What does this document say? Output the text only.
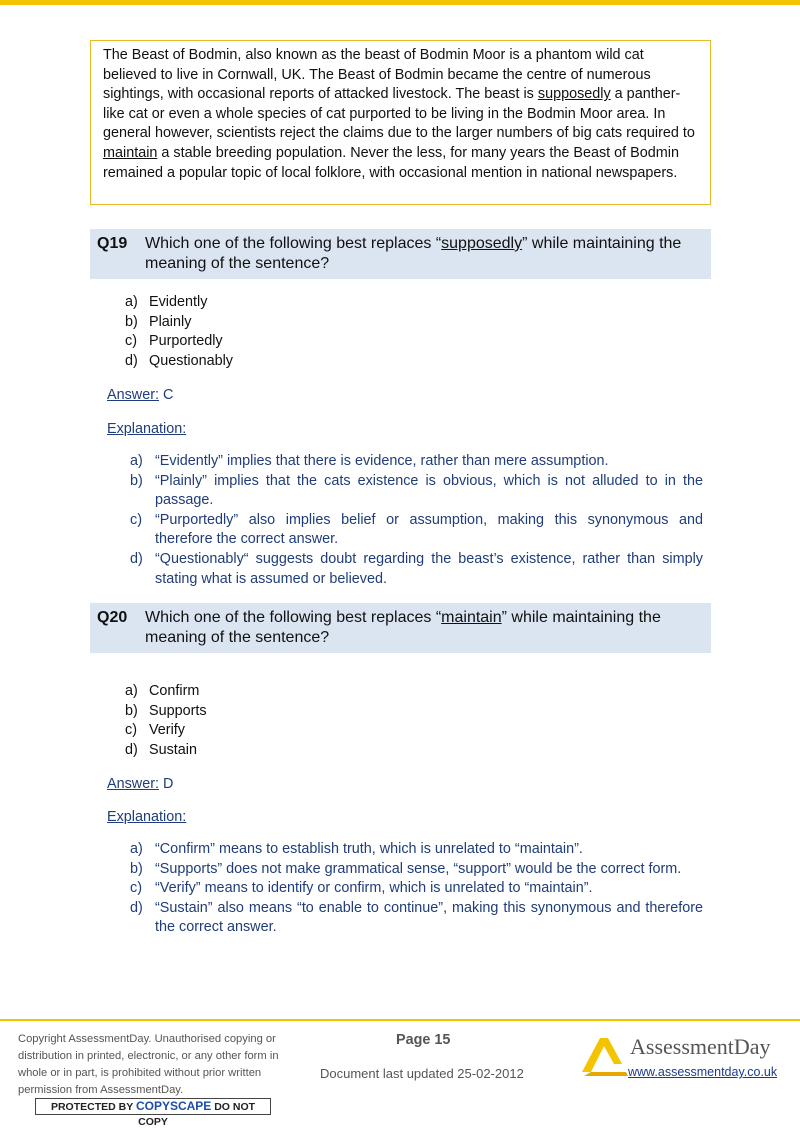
The Beast of Bodmin, also known as the beast of Bodmin Moor is a phantom wild cat believed to live in Cornwall, UK. The Beast of Bodmin became the centre of numerous sightings, with occasional reports of attacked livestock. The beast is supposedly a panther-like cat or even a whole species of cat purported to be living in the Bodmin Moor area. In general however, scientists reject the claims due to the larger numbers of big cats required to maintain a stable breeding population. Never the less, for many years the Beast of Bodmin remained a popular topic of local folklore, with occasional mention in national newspapers.
Q19	Which one of the following best replaces “supposedly” while maintaining the meaning of the sentence?
a) Evidently
b) Plainly
c) Purportedly
d) Questionably
Answer: C
Explanation:
a) “Evidently” implies that there is evidence, rather than mere assumption.
b) “Plainly” implies that the cats existence is obvious, which is not alluded to in the passage.
c) “Purportedly” also implies belief or assumption, making this synonymous and therefore the correct answer.
d) “Questionably“ suggests doubt regarding the beast’s existence, rather than simply stating what is assumed or believed.
Q20	Which one of the following best replaces “maintain” while maintaining the meaning of the sentence?
a) Confirm
b) Supports
c) Verify
d) Sustain
Answer: D
Explanation:
a) “Confirm” means to establish truth, which is unrelated to “maintain”.
b) “Supports” does not make grammatical sense, “support” would be the correct form.
c) “Verify” means to identify or confirm, which is unrelated to “maintain”.
d) “Sustain” also means “to enable to continue”, making this synonymous and therefore the correct answer.
Copyright AssessmentDay. Unauthorised copying or distribution in printed, electronic, or any other form in whole or in part, is prohibited without prior written permission from AssessmentDay.
PROTECTED BY COPYSCAPE DO NOT COPY
Page 15
Document last updated 25-02-2012
AssessmentDay
www.assessmentday.co.uk
